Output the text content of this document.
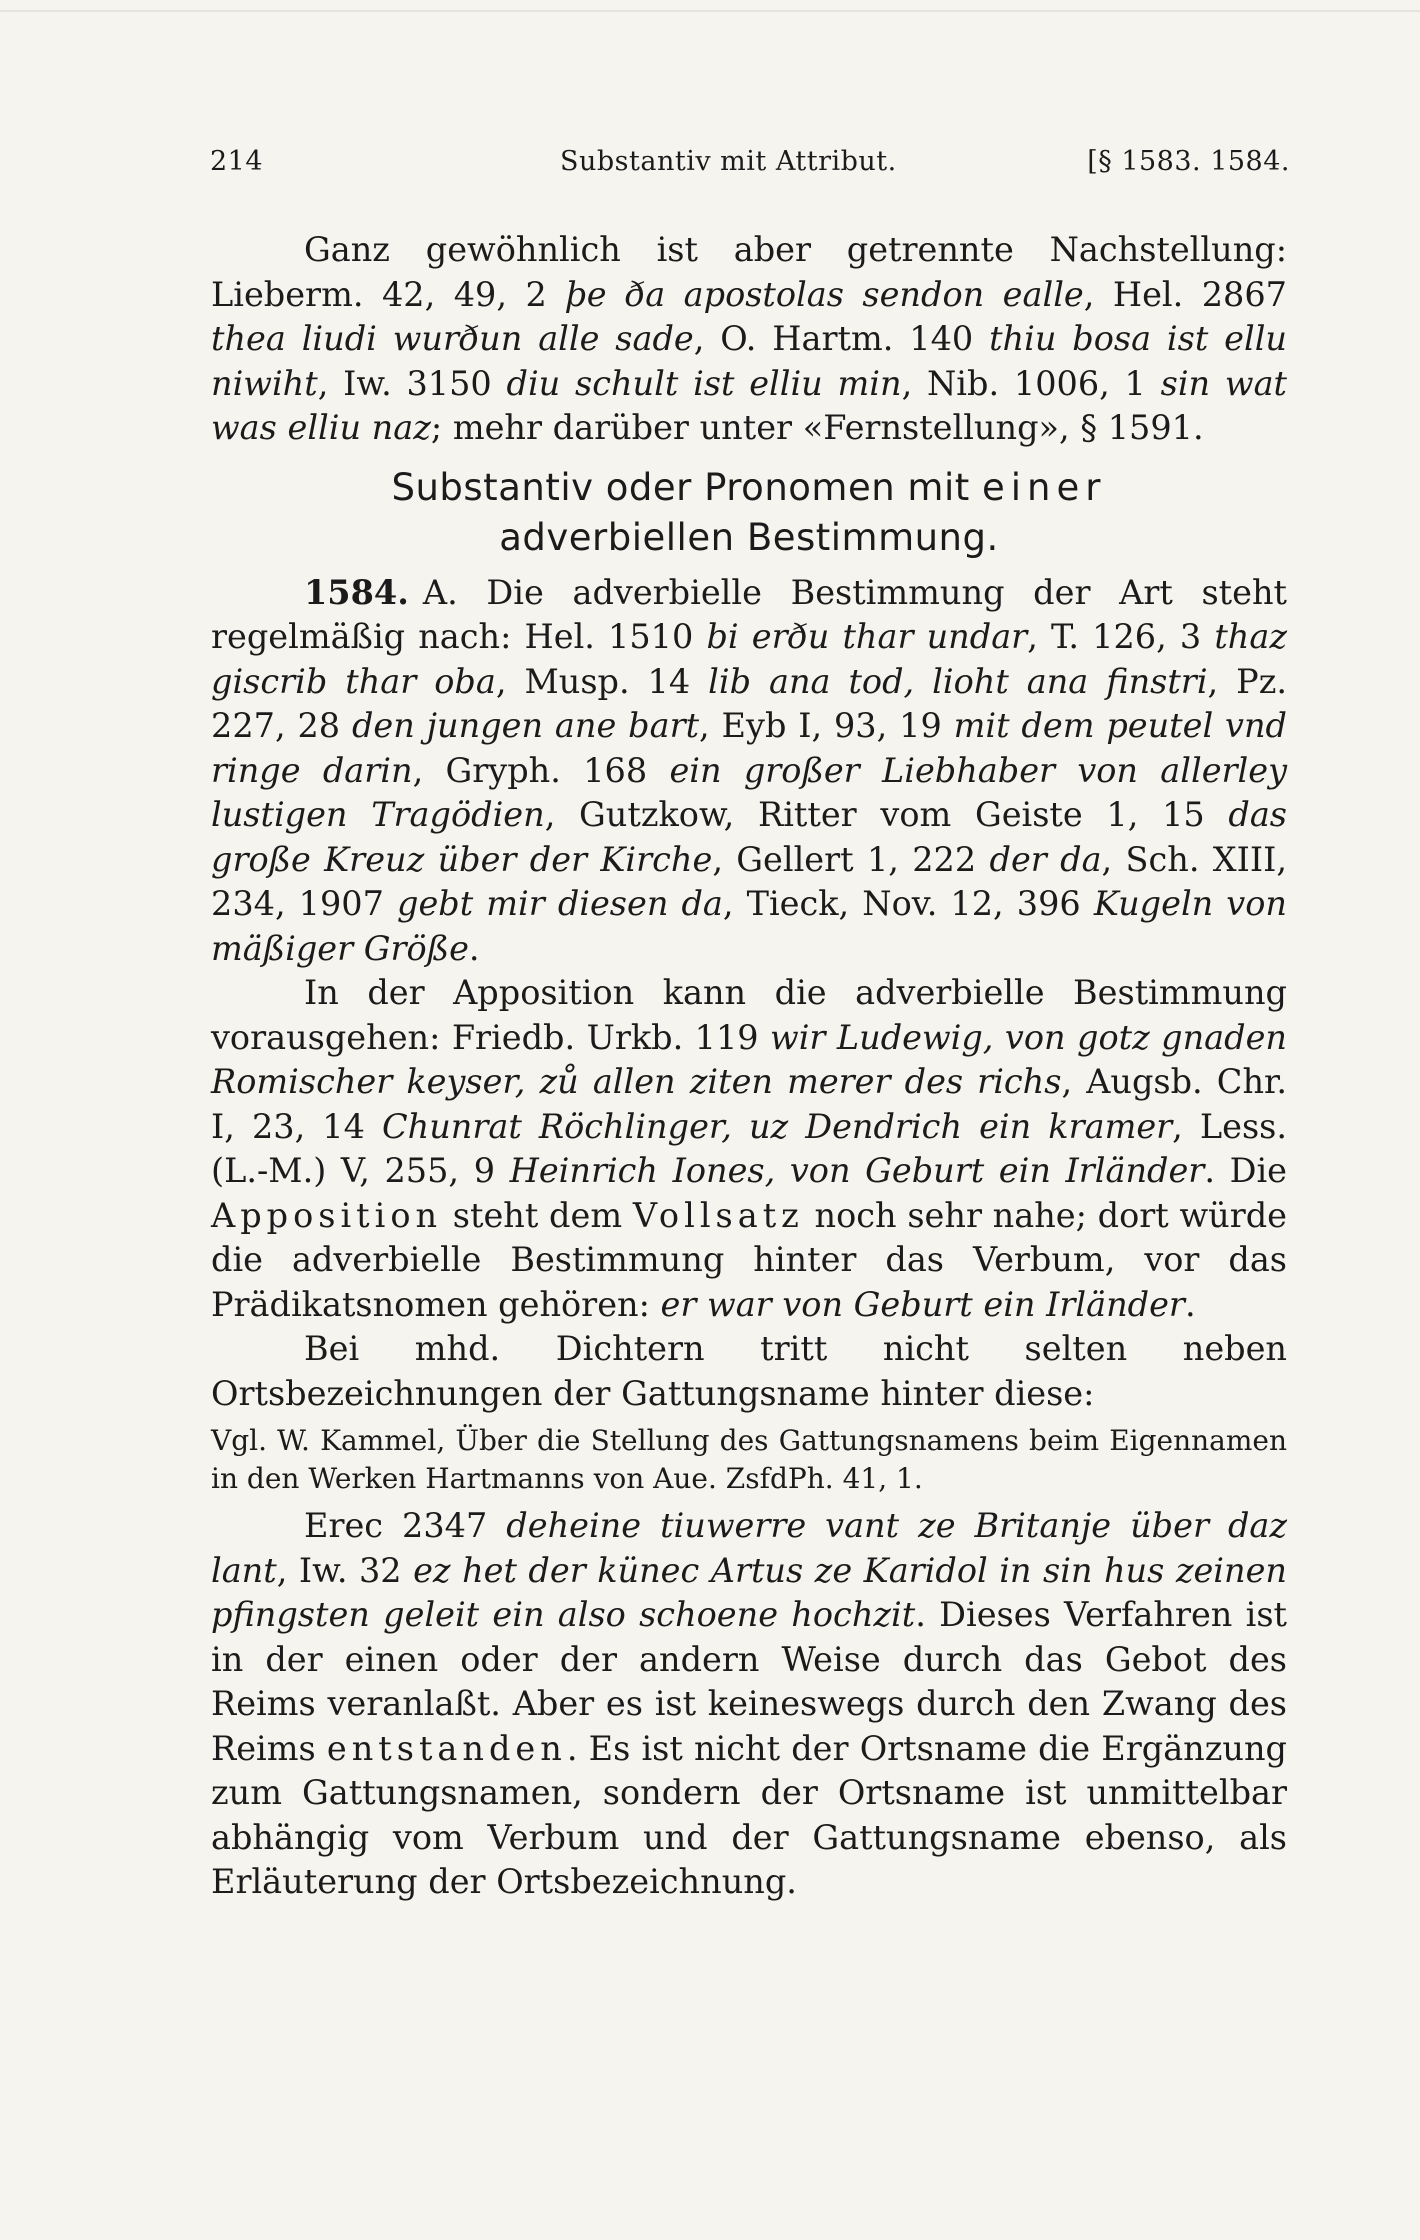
214	Substantiv mit Attribut.	[§ 1583. 1584.

Ganz gewöhnlich ist aber getrennte Nachstellung: Lieberm. 42, 49, 2 þe ða apostolas sendon ealle, Hel. 2867 thea liudi wurðun alle sade, O. Hartm. 140 thiu bosa ist ellu niwiht, Iw. 3150 diu schult ist elliu min, Nib. 1006, 1 sin wat was elliu naz; mehr darüber unter «Fernstellung», § 1591.

Substantiv oder Pronomen mit einer
adverbiellen Bestimmung.

1584. A. Die adverbielle Bestimmung der Art steht regelmäßig nach: Hel. 1510 bi erðu thar undar, T. 126, 3 thaz giscrib thar oba, Musp. 14 lib ana tod, lioht ana finstri, Pz. 227, 28 den jungen ane bart, Eyb I, 93, 19 mit dem peutel vnd ringe darin, Gryph. 168 ein großer Liebhaber von allerley lustigen Tragödien, Gutzkow, Ritter vom Geiste 1, 15 das große Kreuz über der Kirche, Gellert 1, 222 der da, Sch. XIII, 234, 1907 gebt mir diesen da, Tieck, Nov. 12, 396 Kugeln von mäßiger Größe.

In der Apposition kann die adverbielle Bestimmung vorausgehen: Friedb. Urkb. 119 wir Ludewig, von gotz gnaden Romischer keyser, zů allen ziten merer des richs, Augsb. Chr. I, 23, 14 Chunrat Röchlinger, uz Dendrich ein kramer, Less. (L.-M.) V, 255, 9 Heinrich Iones, von Geburt ein Irländer. Die Apposition steht dem Vollsatz noch sehr nahe; dort würde die adverbielle Bestimmung hinter das Verbum, vor das Prädikatsnomen gehören: er war von Geburt ein Irländer.

Bei mhd. Dichtern tritt nicht selten neben Ortsbezeichnungen der Gattungsname hinter diese:

Vgl. W. Kammel, Über die Stellung des Gattungsnamens beim Eigennamen in den Werken Hartmanns von Aue. ZsfdPh. 41, 1.

Erec 2347 deheine tiuwerre vant ze Britanje über daz lant, Iw. 32 ez het der künec Artus ze Karidol in sin hus zeinen pfingsten geleit ein also schoene hochzit. Dieses Verfahren ist in der einen oder der andern Weise durch das Gebot des Reims veranlaßt. Aber es ist keineswegs durch den Zwang des Reims entstanden. Es ist nicht der Ortsname die Ergänzung zum Gattungsnamen, sondern der Ortsname ist unmittelbar abhängig vom Verbum und der Gattungsname ebenso, als Erläuterung der Ortsbezeichnung.
